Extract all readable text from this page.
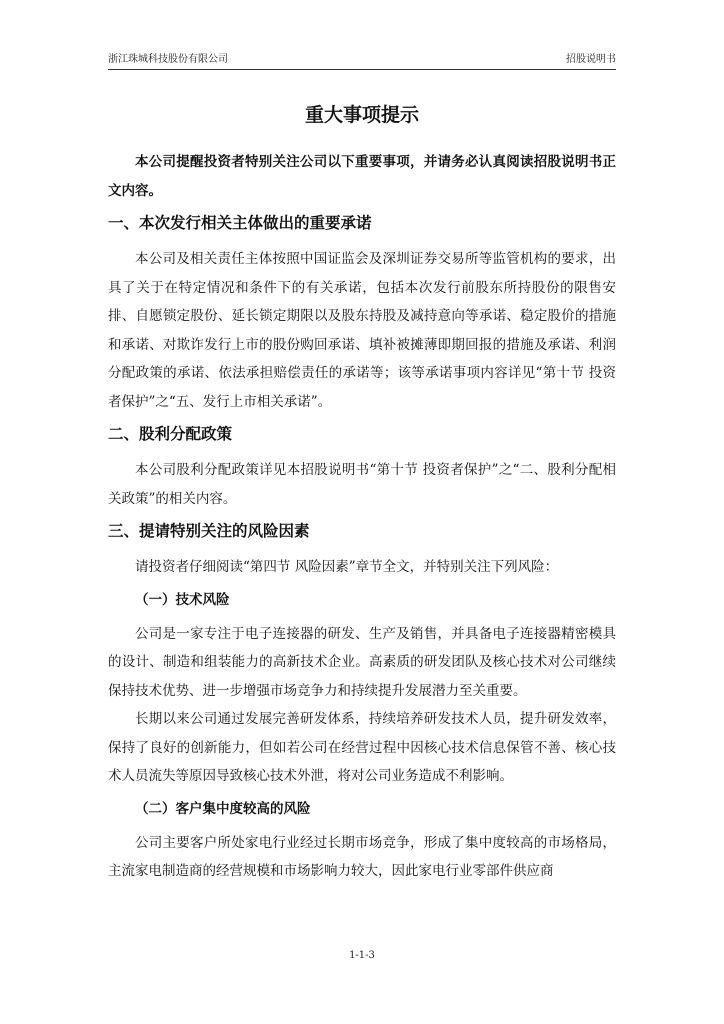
浙江珠城科技股份有限公司	招股说明书
重大事项提示

本公司提醒投资者特别关注公司以下重要事项，并请务必认真阅读招股说明书正文内容。

一、本次发行相关主体做出的重要承诺

本公司及相关责任主体按照中国证监会及深圳证券交易所等监管机构的要求，出具了关于在特定情况和条件下的有关承诺，包括本次发行前股东所持股份的限售安排、自愿锁定股份、延长锁定期限以及股东持股及减持意向等承诺、稳定股价的措施和承诺、对欺诈发行上市的股份购回承诺、填补被摊薄即期回报的措施及承诺、利润分配政策的承诺、依法承担赔偿责任的承诺等；该等承诺事项内容详见“第十节 投资者保护”之“五、发行上市相关承诺”。

二、股利分配政策

本公司股利分配政策详见本招股说明书“第十节 投资者保护”之“二、股利分配相关政策”的相关内容。

三、提请特别关注的风险因素

请投资者仔细阅读“第四节 风险因素”章节全文，并特别关注下列风险：

（一）技术风险

公司是一家专注于电子连接器的研发、生产及销售，并具备电子连接器精密模具的设计、制造和组装能力的高新技术企业。高素质的研发团队及核心技术对公司继续保持技术优势、进一步增强市场竞争力和持续提升发展潜力至关重要。

长期以来公司通过发展完善研发体系，持续培养研发技术人员，提升研发效率，保持了良好的创新能力，但如若公司在经营过程中因核心技术信息保管不善、核心技术人员流失等原因导致核心技术外泄，将对公司业务造成不利影响。

（二）客户集中度较高的风险

公司主要客户所处家电行业经过长期市场竞争，形成了集中度较高的市场格局，主流家电制造商的经营规模和市场影响力较大，因此家电行业零部件供应商

1-1-3
